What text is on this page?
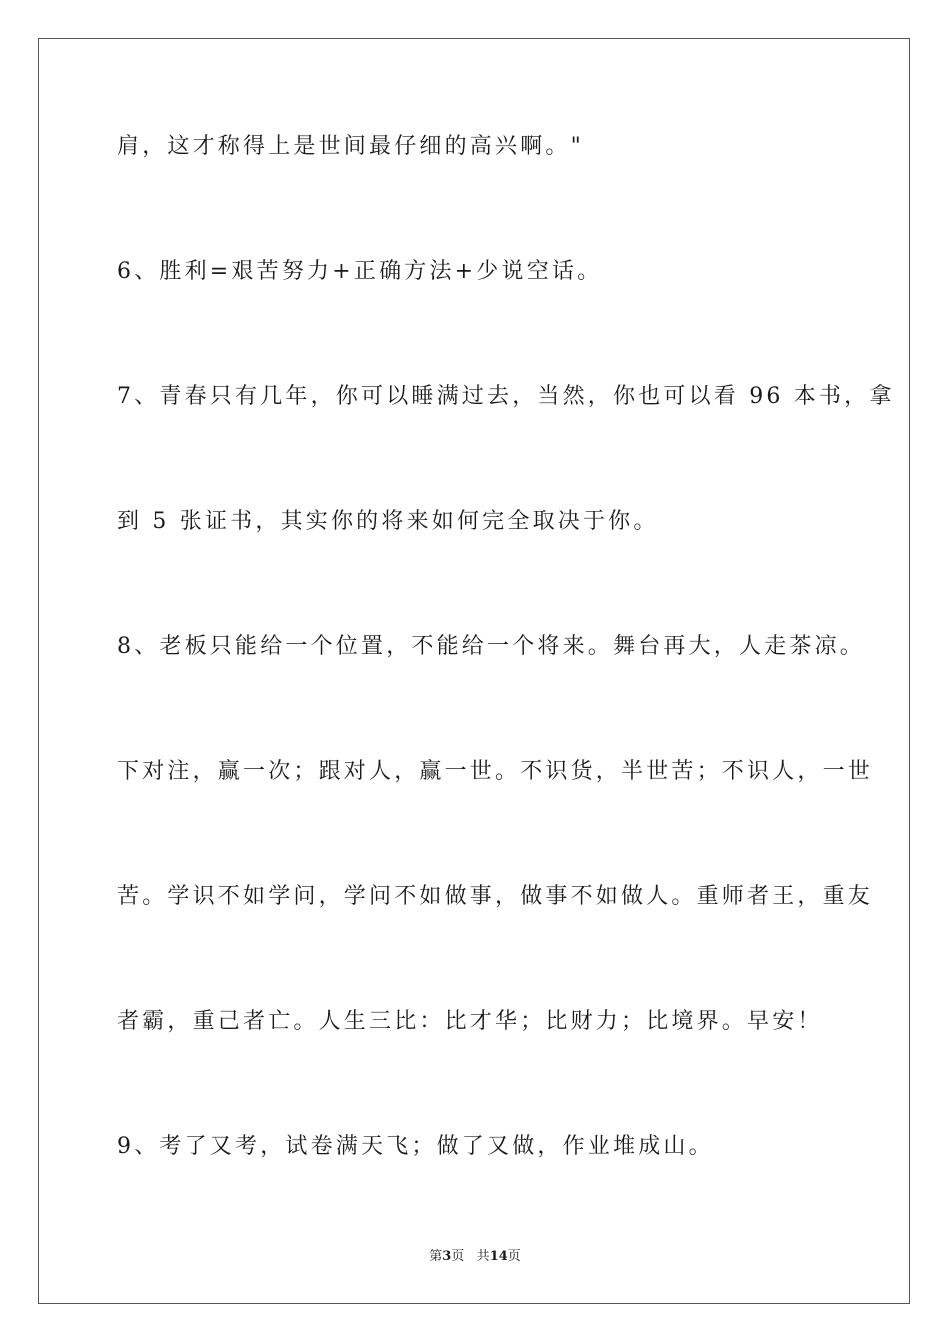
肩，这才称得上是世间最仔细的高兴啊。"
6、胜利=艰苦努力+正确方法+少说空话。
7、青春只有几年，你可以睡满过去，当然，你也可以看 96 本书，拿
到 5 张证书，其实你的将来如何完全取决于你。
8、老板只能给一个位置，不能给一个将来。舞台再大，人走茶凉。
下对注，赢一次；跟对人，赢一世。不识货，半世苦；不识人，一世
苦。学识不如学问，学问不如做事，做事不如做人。重师者王，重友
者霸，重己者亡。人生三比：比才华；比财力；比境界。早安！
9、考了又考，试卷满天飞；做了又做，作业堆成山。
第3页 共14页
